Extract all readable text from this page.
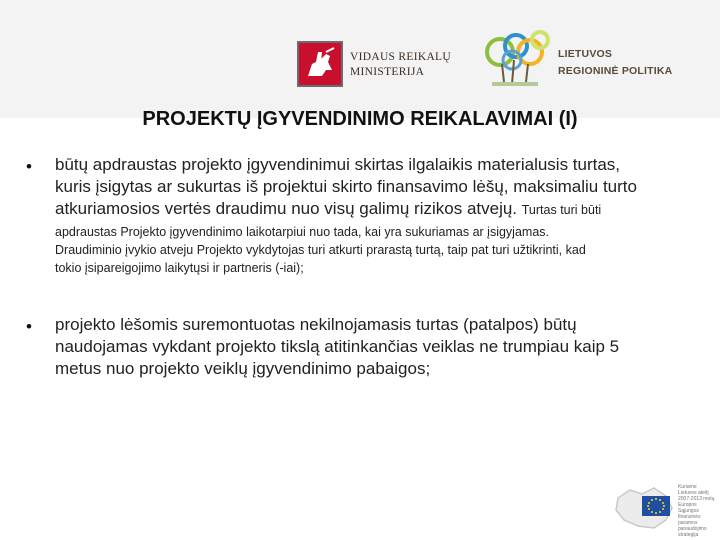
VIDAUS REIKALŲ
MINISTERIJA
LIETUVOS
REGIONINĖ POLITIKA
PROJEKTŲ ĮGYVENDINIMO REIKALAVIMAI (I)
• būtų apdraustas projekto įgyvendinimui skirtas ilgalaikis materialusis turtas,
kuris įsigytas ar sukurtas iš projektui skirto finansavimo lėšų, maksimaliu turto
atkuriamosios vertės draudimu nuo visų galimų rizikos atvejų. Turtas turi būti
apdraustas Projekto įgyvendinimo laikotarpiui nuo tada, kai yra sukuriamas ar įsigyjamas.
Draudiminio įvykio atveju Projekto vykdytojas turi atkurti prarastą turtą, taip pat turi užtikrinti, kad
tokio įsipareigojimo laikytųsi ir partneris (-iai);
• projekto lėšomis suremontuotas nekilnojamasis turtas (patalpos) būtų
naudojamas vykdant projekto tikslą atitinkančias veiklas ne trumpiau kaip 5
metus nuo projekto veiklų įgyvendinimo pabaigos;
Kuriame
Lietuvos ateitį
2007-2013 metų
Europos Sąjungos
finansinės paramos
panaudojimo
strategija
